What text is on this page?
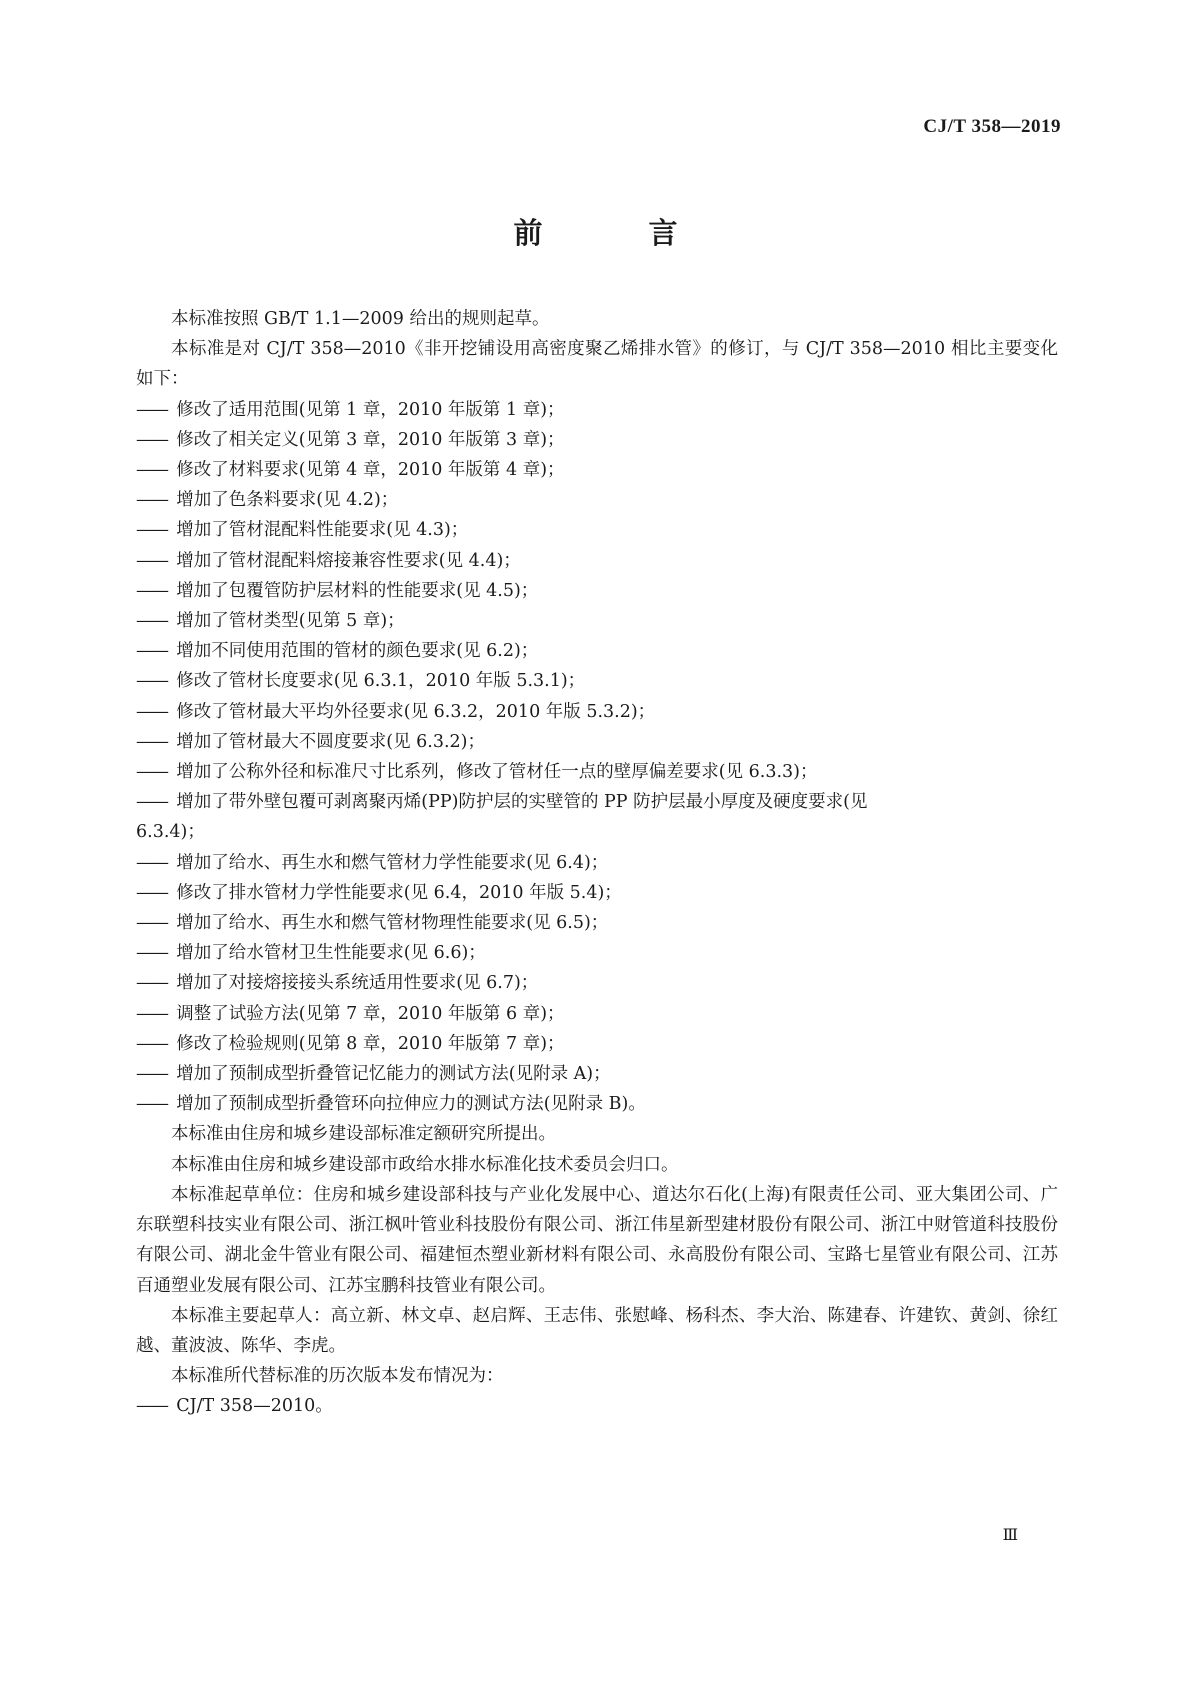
CJ/T 358—2019
前 言

本标准按照 GB/T 1.1—2009 给出的规则起草。

本标准是对 CJ/T 358—2010《非开挖铺设用高密度聚乙烯排水管》的修订，与 CJ/T 358—2010 相比主要变化如下：

—— 修改了适用范围(见第 1 章，2010 年版第 1 章)；

—— 修改了相关定义(见第 3 章，2010 年版第 3 章)；

—— 修改了材料要求(见第 4 章，2010 年版第 4 章)；

—— 增加了色条料要求(见 4.2)；

—— 增加了管材混配料性能要求(见 4.3)；

—— 增加了管材混配料熔接兼容性要求(见 4.4)；

—— 增加了包覆管防护层材料的性能要求(见 4.5)；

—— 增加了管材类型(见第 5 章)；

—— 增加不同使用范围的管材的颜色要求(见 6.2)；

—— 修改了管材长度要求(见 6.3.1，2010 年版 5.3.1)；

—— 修改了管材最大平均外径要求(见 6.3.2，2010 年版 5.3.2)；

—— 增加了管材最大不圆度要求(见 6.3.2)；

—— 增加了公称外径和标准尺寸比系列，修改了管材任一点的壁厚偏差要求(见 6.3.3)；

—— 增加了带外壁包覆可剥离聚丙烯(PP)防护层的实壁管的 PP 防护层最小厚度及硬度要求(见

6.3.4)；

—— 增加了给水、再生水和燃气管材力学性能要求(见 6.4)；

—— 修改了排水管材力学性能要求(见 6.4，2010 年版 5.4)；

—— 增加了给水、再生水和燃气管材物理性能要求(见 6.5)；

—— 增加了给水管材卫生性能要求(见 6.6)；

—— 增加了对接熔接接头系统适用性要求(见 6.7)；

—— 调整了试验方法(见第 7 章，2010 年版第 6 章)；

—— 修改了检验规则(见第 8 章，2010 年版第 7 章)；

—— 增加了预制成型折叠管记忆能力的测试方法(见附录 A)；

—— 增加了预制成型折叠管环向拉伸应力的测试方法(见附录 B)。

本标准由住房和城乡建设部标准定额研究所提出。

本标准由住房和城乡建设部市政给水排水标准化技术委员会归口。

本标准起草单位：住房和城乡建设部科技与产业化发展中心、道达尔石化(上海)有限责任公司、亚大集团公司、广东联塑科技实业有限公司、浙江枫叶管业科技股份有限公司、浙江伟星新型建材股份有限公司、浙江中财管道科技股份有限公司、湖北金牛管业有限公司、福建恒杰塑业新材料有限公司、永高股份有限公司、宝路七星管业有限公司、江苏百通塑业发展有限公司、江苏宝鹏科技管业有限公司。

本标准主要起草人：高立新、林文卓、赵启辉、王志伟、张慰峰、杨科杰、李大治、陈建春、许建钦、黄剑、徐红越、董波波、陈华、李虎。

本标准所代替标准的历次版本发布情况为：

—— CJ/T 358—2010。

Ⅲ
